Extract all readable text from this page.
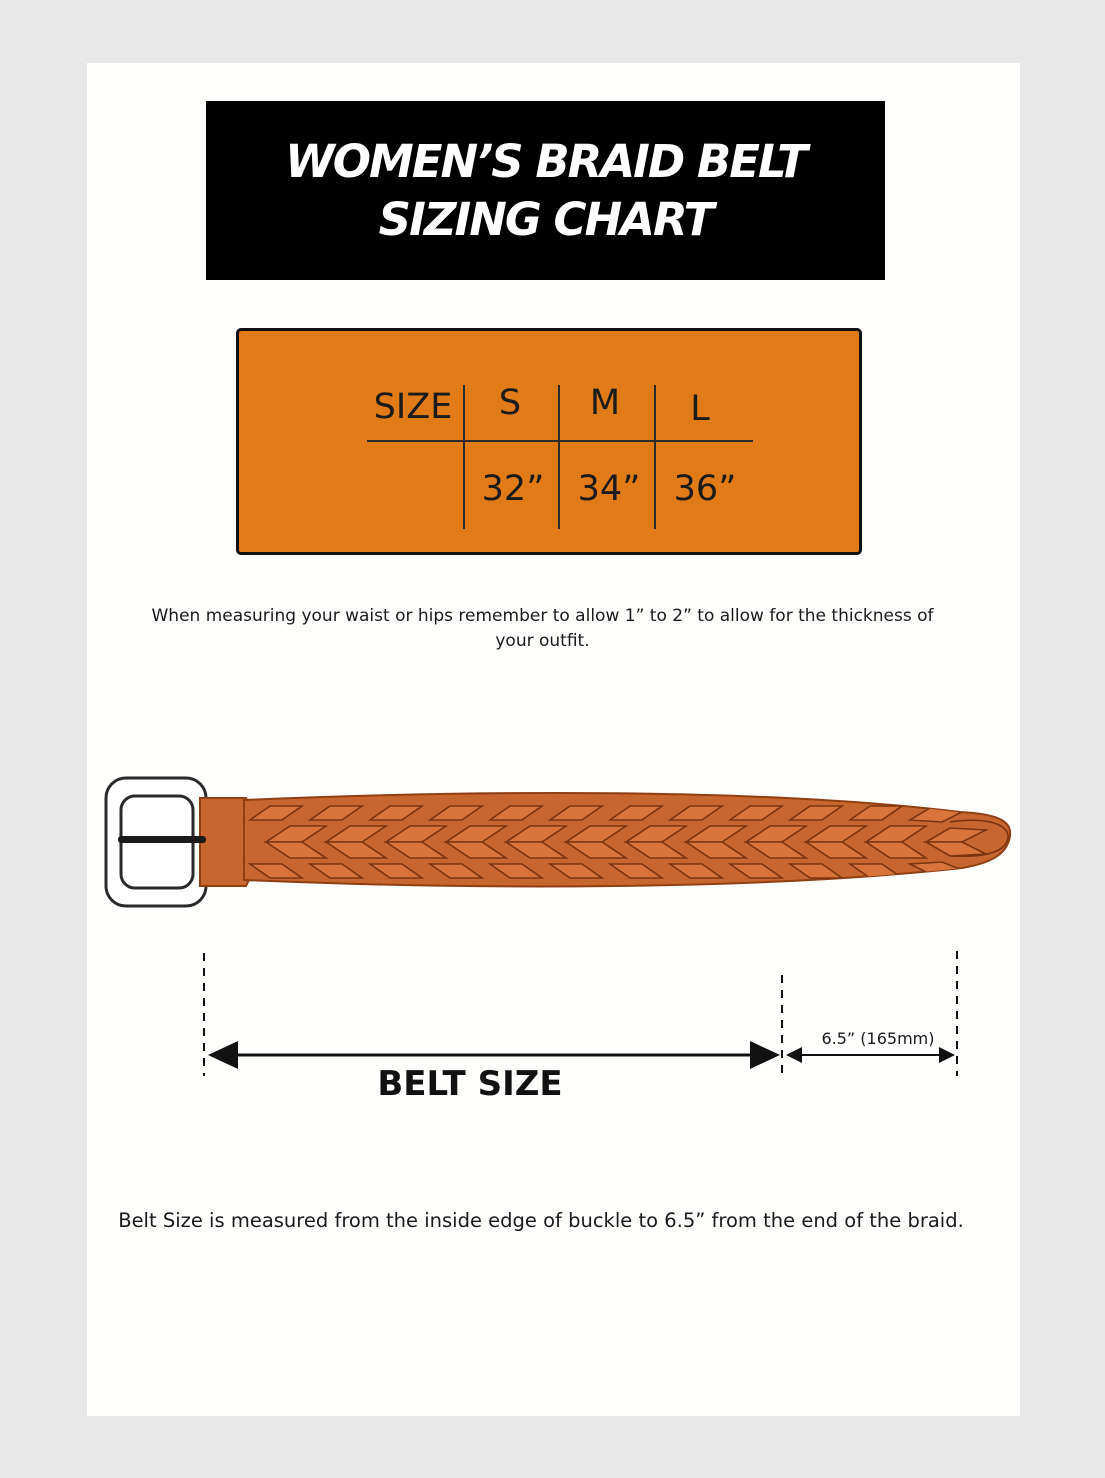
WOMEN’S BRAID BELT
SIZING CHART
SIZE S M L
32” 34” 36”
When measuring your waist or hips remember to allow 1” to 2” to allow for the thickness of your outfit.
6.5” (165mm)
BELT SIZE
Belt Size is measured from the inside edge of buckle to 6.5” from the end of the braid.
